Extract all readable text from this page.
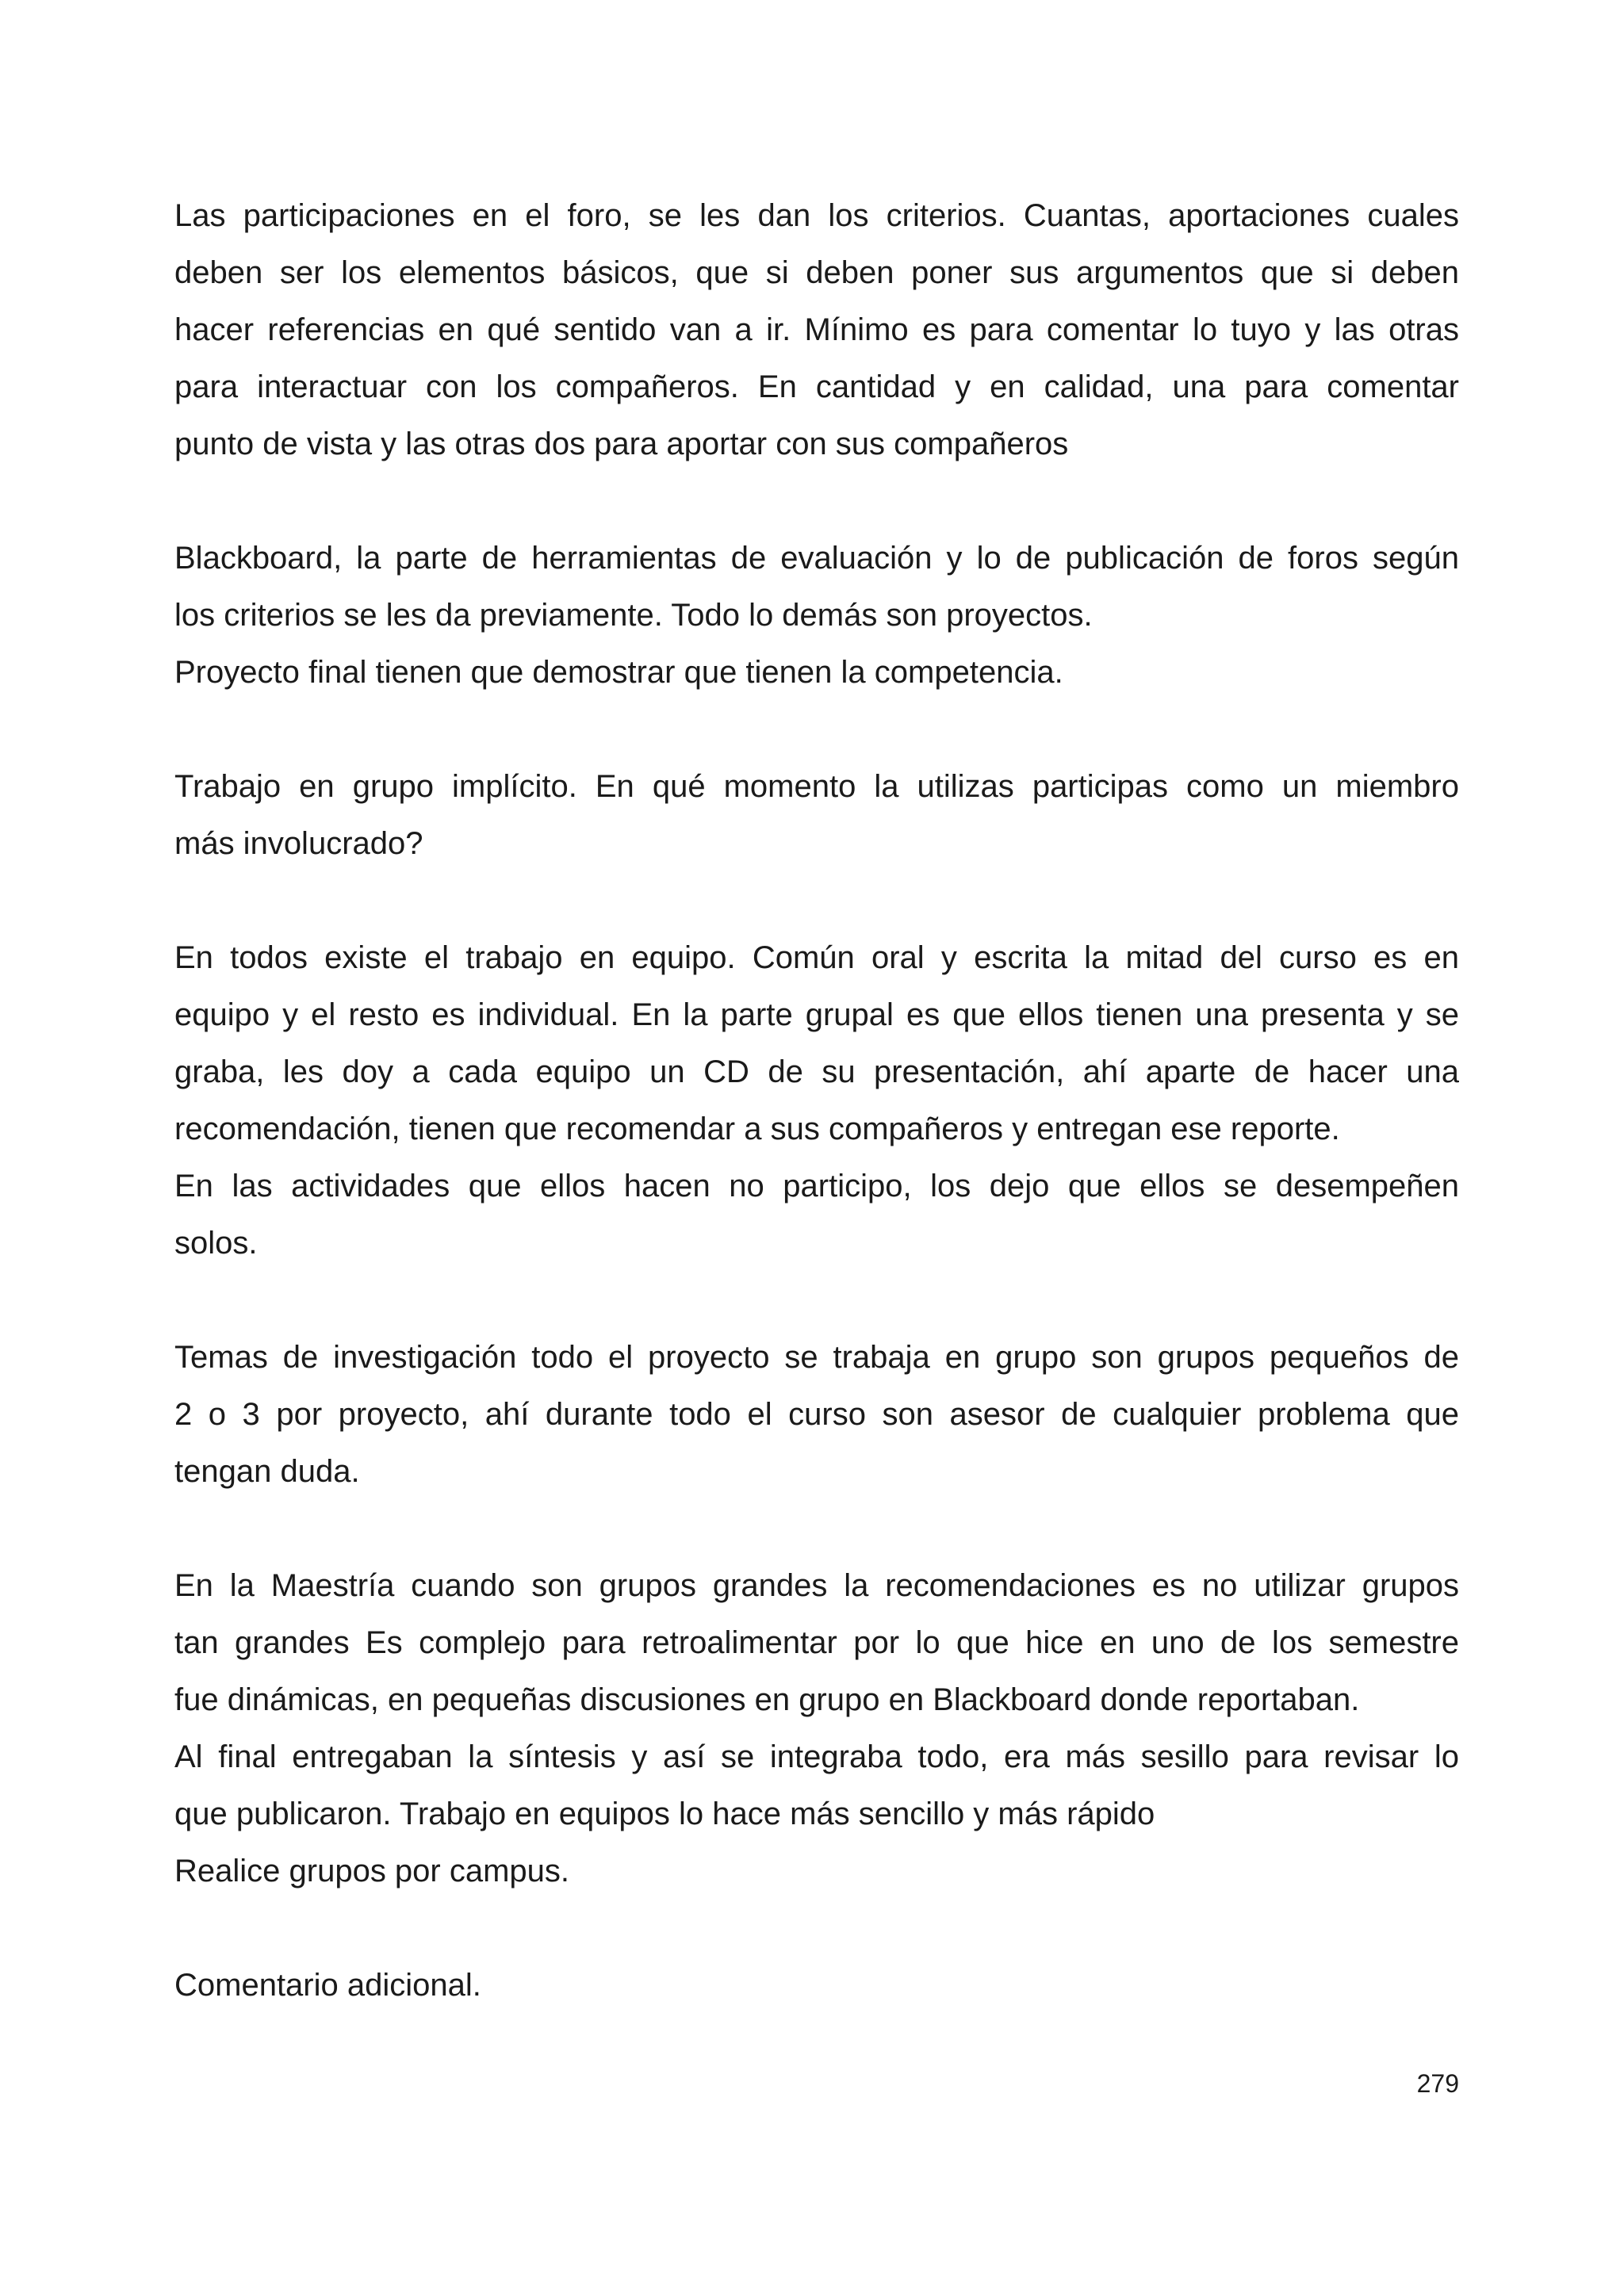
Las participaciones en el foro, se les dan los criterios. Cuantas, aportaciones cuales
deben ser los elementos básicos, que si deben poner sus argumentos que si deben
hacer referencias en qué sentido van a ir. Mínimo es para comentar lo tuyo y las otras
para interactuar con los compañeros. En cantidad y en calidad, una para comentar
punto de vista y las otras dos para aportar con sus compañeros

Blackboard, la parte de herramientas de evaluación y lo de publicación de foros según
los criterios se les da previamente. Todo lo demás son proyectos.
Proyecto final tienen que demostrar que tienen la competencia.

Trabajo en grupo implícito. En qué momento la utilizas participas como un miembro
más involucrado?

En todos existe el trabajo en equipo. Común oral y escrita la mitad del curso es en
equipo y el resto es individual. En la parte grupal es que ellos tienen una presenta y se
graba, les doy a cada equipo un CD de su presentación, ahí aparte de hacer una
recomendación, tienen que recomendar a sus compañeros y entregan ese reporte.
En las actividades que ellos hacen no participo, los dejo que ellos se desempeñen
solos.

Temas de investigación todo el proyecto se trabaja en grupo son grupos pequeños de
2 o 3 por proyecto, ahí durante todo el curso son asesor de cualquier problema que
tengan duda.

En la Maestría cuando son grupos grandes la recomendaciones es no utilizar grupos
tan grandes Es complejo para retroalimentar por lo que hice en uno de los semestre
fue dinámicas, en pequeñas discusiones en grupo en Blackboard donde reportaban.
Al final entregaban la síntesis y así se integraba todo, era más sesillo para revisar lo
que publicaron. Trabajo en equipos lo hace más sencillo y más rápido
Realice grupos por campus.

Comentario adicional.

279
